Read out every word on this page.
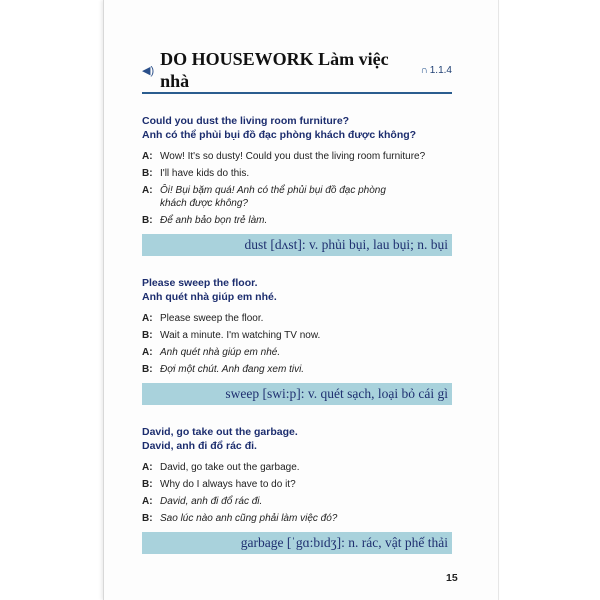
◀)
DO HOUSEWORK Làm việc nhà
∩ 1.1.4
Could you dust the living room furniture?
Anh có thể phủi bụi đồ đạc phòng khách được không?
A: Wow! It's so dusty! Could you dust the living room furniture?
B: I'll have kids do this.
A: Ôi! Bụi bặm quá! Anh có thể phủi bụi đồ đạc phòng khách được không?
B: Để anh bảo bọn trẻ làm.
dust [dʌst]: v. phủi bụi, lau bụi; n. bụi
Please sweep the floor.
Anh quét nhà giúp em nhé.
A: Please sweep the floor.
B: Wait a minute. I'm watching TV now.
A: Anh quét nhà giúp em nhé.
B: Đợi một chút. Anh đang xem tivi.
sweep [swi:p]: v. quét sạch, loại bỏ cái gì
David, go take out the garbage.
David, anh đi đổ rác đi.
A: David, go take out the garbage.
B: Why do I always have to do it?
A: David, anh đi đổ rác đi.
B: Sao lúc nào anh cũng phải làm việc đó?
garbage [ˈgɑ:bɪdʒ]: n. rác, vật phế thải
15
